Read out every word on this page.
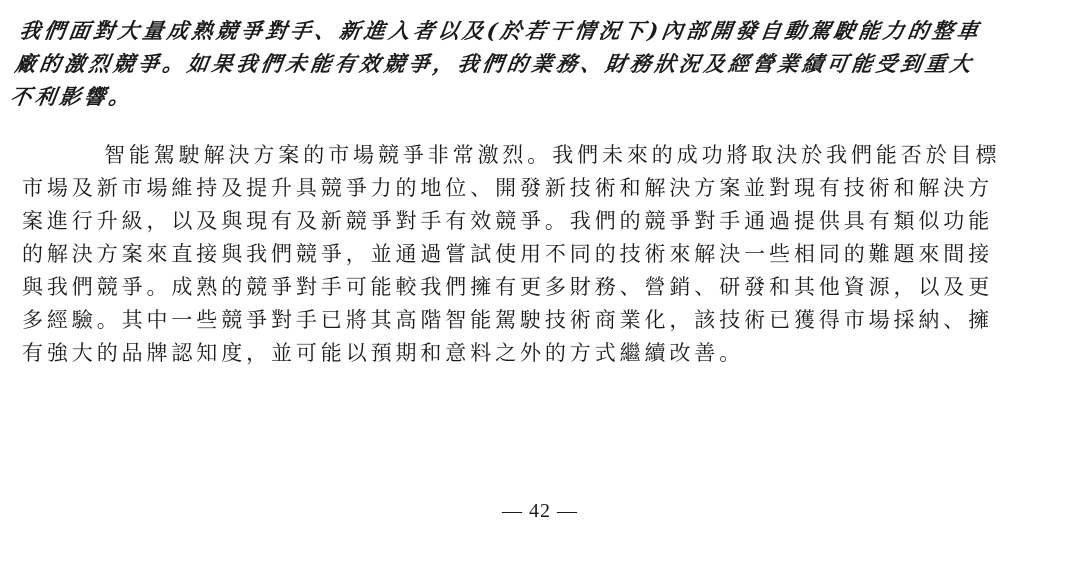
我們面對大量成熟競爭對手、新進入者以及(於若干情況下)內部開發自動駕駛能力的整車
廠的激烈競爭。如果我們未能有效競爭，我們的業務、財務狀況及經營業績可能受到重大
不利影響。

智能駕駛解決方案的市場競爭非常激烈。我們未來的成功將取決於我們能否於目標
市場及新市場維持及提升具競爭力的地位、開發新技術和解決方案並對現有技術和解決方
案進行升級，以及與現有及新競爭對手有效競爭。我們的競爭對手通過提供具有類似功能
的解決方案來直接與我們競爭，並通過嘗試使用不同的技術來解決一些相同的難題來間接
與我們競爭。成熟的競爭對手可能較我們擁有更多財務、營銷、研發和其他資源，以及更
多經驗。其中一些競爭對手已將其高階智能駕駛技術商業化，該技術已獲得市場採納、擁
有強大的品牌認知度，並可能以預期和意料之外的方式繼續改善。

— 42 —
